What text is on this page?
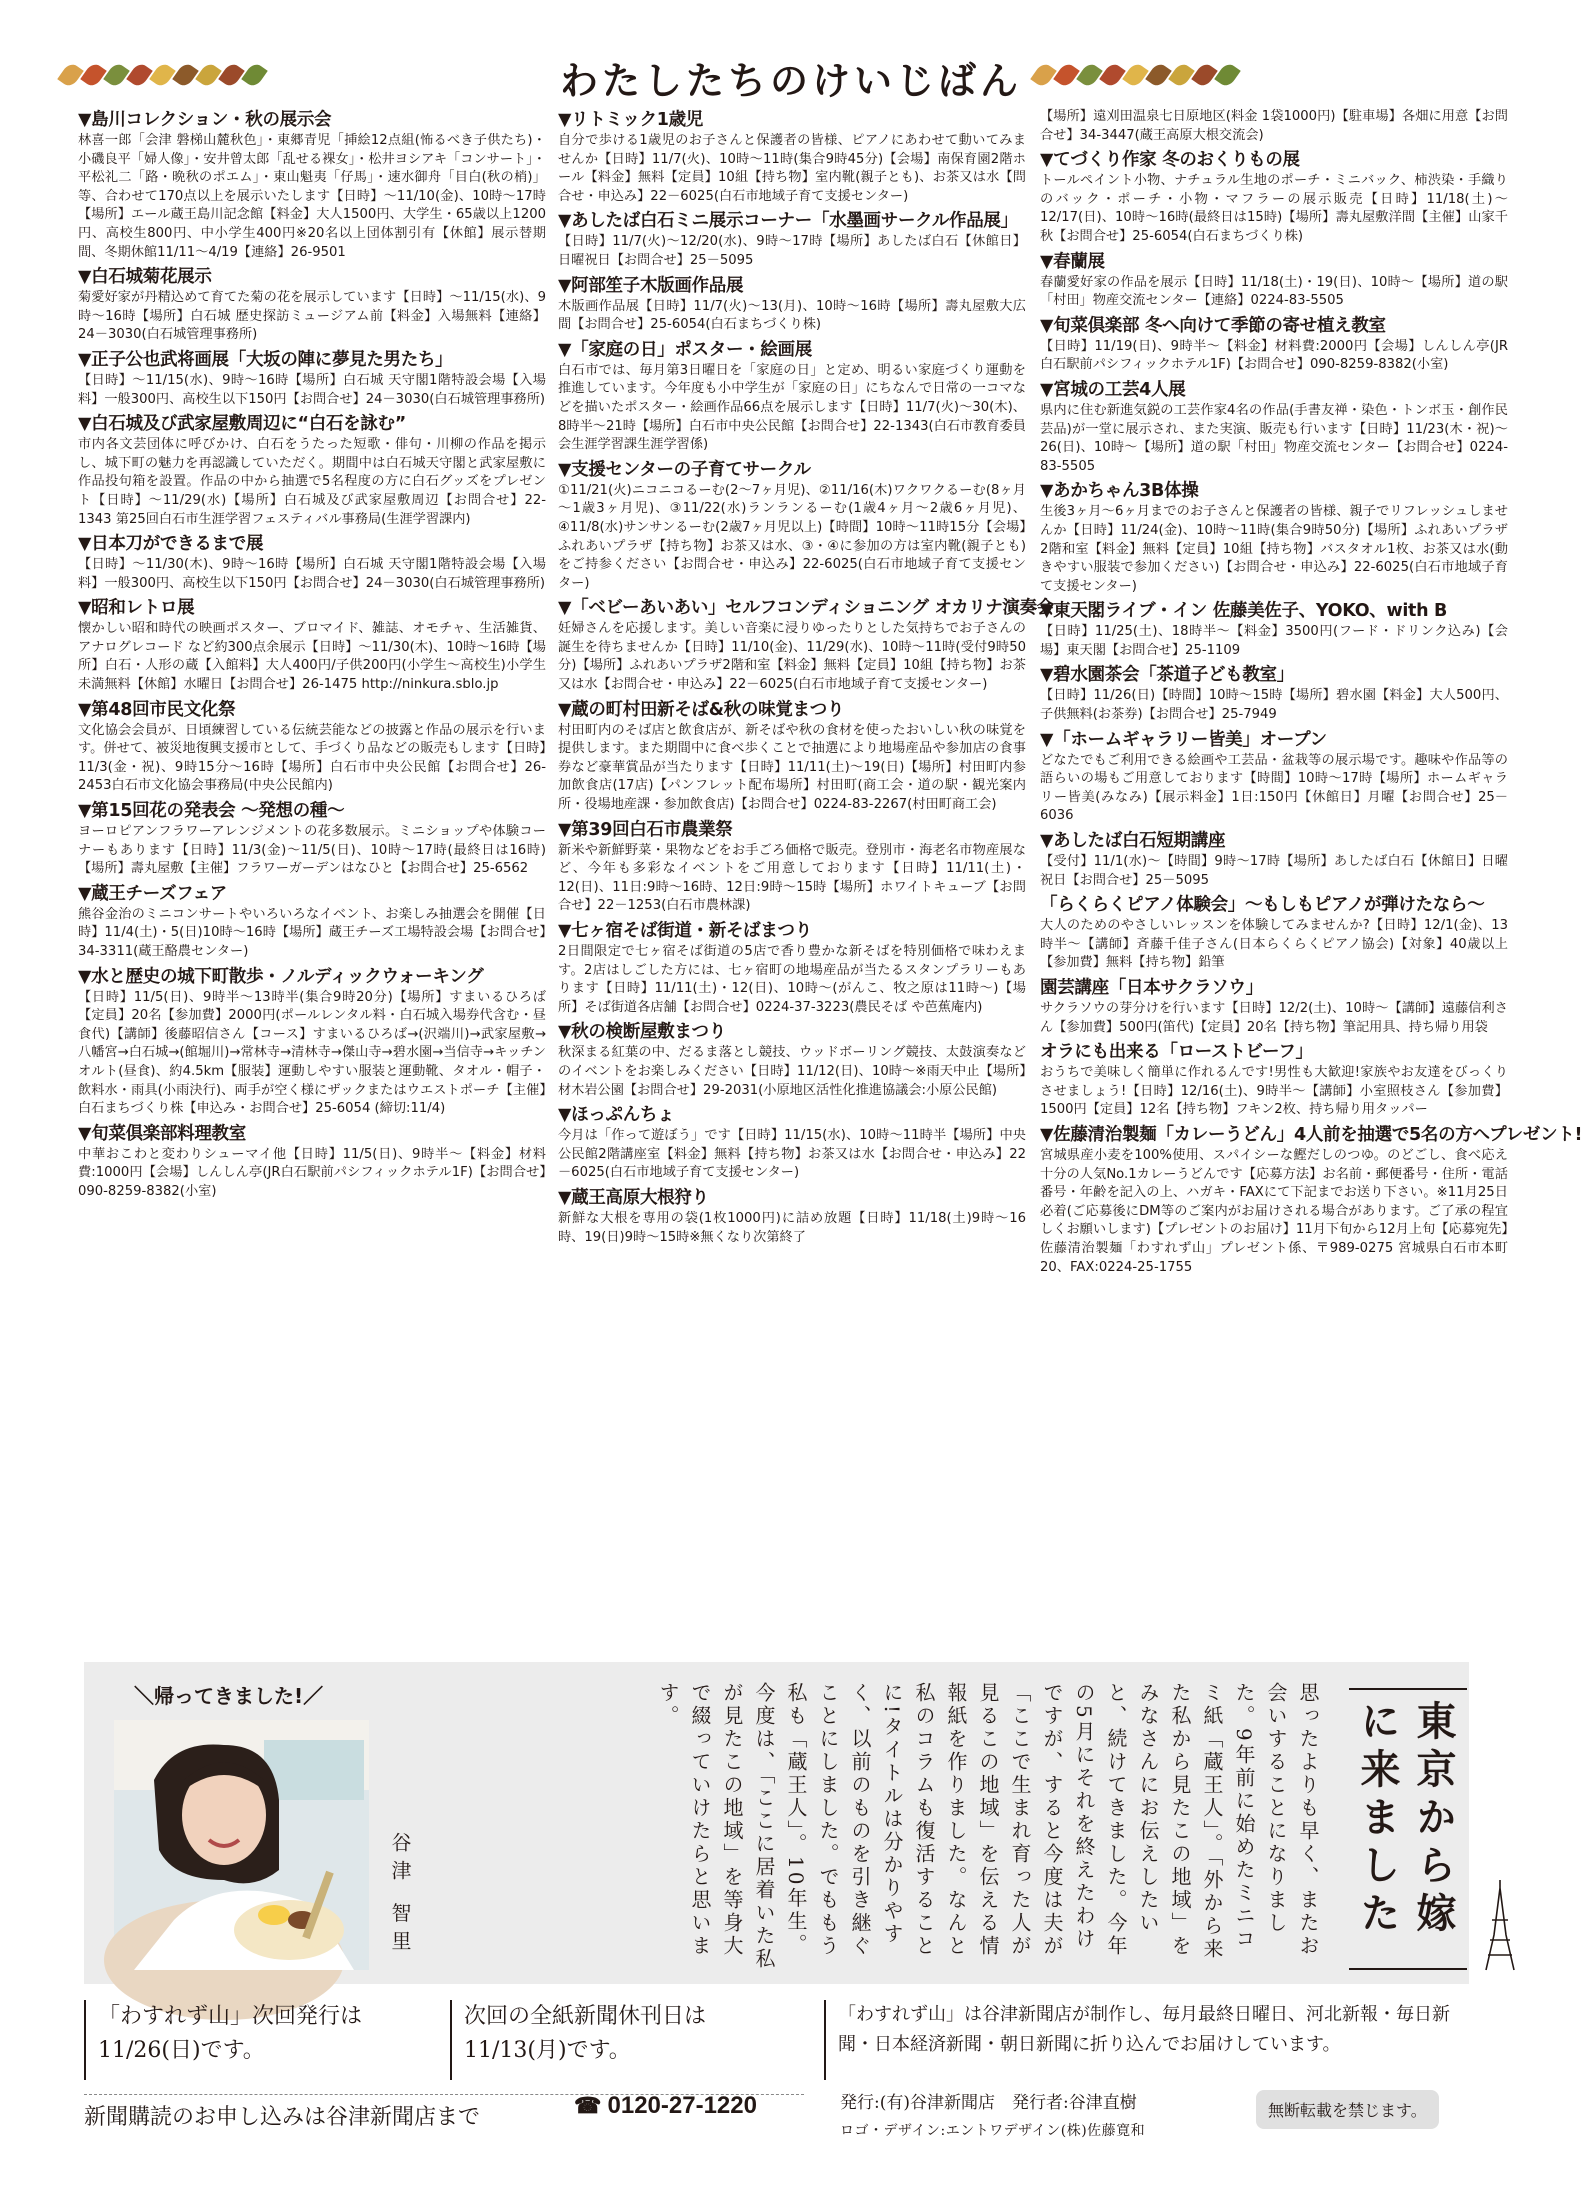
わたしたちのけいじばん
▼島川コレクション・秋の展示会

林喜一郎「会津 磐梯山麓秋色」・東郷青児「挿絵12点組(怖るべき子供たち)・小磯良平「婦人像」・安井曾太郎「乱せる裸女」・松井ヨシアキ「コンサート」・平松礼二「路・晩秋のポエム」・東山魁夷「仔馬」・速水御舟「目白(秋の梢)」等、合わせて170点以上を展示いたします【日時】～11/10(金)、10時～17時【場所】エール蔵王島川記念館【料金】大人1500円、大学生・65歳以上1200円、高校生800円、中小学生400円※20名以上団体割引有【休館】展示替期間、冬期休館11/11～4/19【連絡】26-9501

▼白石城菊花展示

菊愛好家が丹精込めて育てた菊の花を展示しています【日時】～11/15(水)、9時～16時【場所】白石城 歴史探訪ミュージアム前【料金】入場無料【連絡】24－3030(白石城管理事務所)

▼正子公也武将画展「大坂の陣に夢見た男たち」

【日時】～11/15(水)、9時～16時【場所】白石城 天守閣1階特設会場【入場料】一般300円、高校生以下150円【お問合せ】24－3030(白石城管理事務所)

▼白石城及び武家屋敷周辺に“白石を詠む”

市内各文芸団体に呼びかけ、白石をうたった短歌・俳句・川柳の作品を掲示し、城下町の魅力を再認識していただく。期間中は白石城天守閣と武家屋敷に作品投句箱を設置。作品の中から抽選で5名程度の方に白石グッズをプレゼント【日時】～11/29(水)【場所】白石城及び武家屋敷周辺【お問合せ】22-1343 第25回白石市生涯学習フェスティバル事務局(生涯学習課内)

▼日本刀ができるまで展

【日時】～11/30(木)、9時～16時【場所】白石城 天守閣1階特設会場【入場料】一般300円、高校生以下150円【お問合せ】24－3030(白石城管理事務所)

▼昭和レトロ展

懐かしい昭和時代の映画ポスター、ブロマイド、雑誌、オモチャ、生活雑貨、アナログレコード など約300点余展示【日時】～11/30(木)、10時～16時【場所】白石・人形の蔵【入館料】大人400円/子供200円(小学生～高校生)小学生未満無料【休館】水曜日【お問合せ】26-1475 http://ninkura.sblo.jp

▼第48回市民文化祭

文化協会会員が、日頃練習している伝統芸能などの披露と作品の展示を行います。併せて、被災地復興支援市として、手づくり品などの販売もします【日時】11/3(金・祝)、9時15分～16時【場所】白石市中央公民館【お問合せ】26-2453白石市文化協会事務局(中央公民館内)

▼第15回花の発表会 ～発想の種～

ヨーロピアンフラワーアレンジメントの花多数展示。ミニショップや体験コーナーもあります【日時】11/3(金)～11/5(日)、10時～17時(最終日は16時)【場所】壽丸屋敷【主催】フラワーガーデンはなひと【お問合せ】25-6562

▼蔵王チーズフェア

熊谷金治のミニコンサートやいろいろなイベント、お楽しみ抽選会を開催【日時】11/4(土)・5(日)10時～16時【場所】蔵王チーズ工場特設会場【お問合せ】34-3311(蔵王酪農センター)

▼水と歴史の城下町散歩・ノルディックウォーキング

【日時】11/5(日)、9時半～13時半(集合9時20分)【場所】すまいるひろば【定員】20名【参加費】2000円(ポールレンタル料・白石城入場券代含む・昼食代)【講師】後藤昭信さん【コース】すまいるひろば→(沢端川)→武家屋敷→八幡宮→白石城→(館堀川)→常林寺→清林寺→傑山寺→碧水園→当信寺→キッチンオルト(昼食)、約4.5km【服装】運動しやすい服装と運動靴、タオル・帽子・飲料水・雨具(小雨決行)、両手が空く様にザックまたはウエストポーチ【主催】白石まちづくり株【申込み・お問合せ】25-6054 (締切:11/4)

▼旬菜倶楽部料理教室

中華おこわと変わりシューマイ他【日時】11/5(日)、9時半～【料金】材料費:1000円【会場】しんしん亭(JR白石駅前パシフィックホテル1F)【お問合せ】090-8259-8382(小室)

▼リトミック1歳児

自分で歩ける1歳児のお子さんと保護者の皆様、ピアノにあわせて動いてみませんか【日時】11/7(火)、10時～11時(集合9時45分)【会場】南保育園2階ホール【料金】無料【定員】10組【持ち物】室内靴(親子とも)、お茶又は水【問合せ・申込み】22－6025(白石市地域子育て支援センター)

▼あしたば白石ミニ展示コーナー「水墨画サークル作品展」

【日時】11/7(火)～12/20(水)、9時～17時【場所】あしたば白石【休館日】日曜祝日【お問合せ】25－5095

▼阿部笙子木版画作品展

木版画作品展【日時】11/7(火)～13(月)、10時～16時【場所】壽丸屋敷大広間【お問合せ】25-6054(白石まちづくり株)

▼「家庭の日」ポスター・絵画展

白石市では、毎月第3日曜日を「家庭の日」と定め、明るい家庭づくり運動を推進しています。今年度も小中学生が「家庭の日」にちなんで日常の一コマなどを描いたポスター・絵画作品66点を展示します【日時】11/7(火)～30(木)、8時半～21時【場所】白石市中央公民館【お問合せ】22-1343(白石市教育委員会生涯学習課生涯学習係)

▼支援センターの子育てサークル

①11/21(火)ニコニコるーむ(2～7ヶ月児)、②11/16(木)ワクワクるーむ(8ヶ月～1歳3ヶ月児)、③11/22(水)ランランるーむ(1歳4ヶ月～2歳6ヶ月児)、④11/8(水)サンサンるーむ(2歳7ヶ月児以上)【時間】10時～11時15分【会場】ふれあいプラザ【持ち物】お茶又は水、③・④に参加の方は室内靴(親子とも)をご持参ください【お問合せ・申込み】22-6025(白石市地域子育て支援センター)

▼「ベビーあいあい」セルフコンディショニング オカリナ演奏会

妊婦さんを応援します。美しい音楽に浸りゆったりとした気持ちでお子さんの誕生を待ちませんか【日時】11/10(金)、11/29(水)、10時～11時(受付9時50分)【場所】ふれあいプラザ2階和室【料金】無料【定員】10組【持ち物】お茶又は水【お問合せ・申込み】22－6025(白石市地域子育て支援センター)

▼蔵の町村田新そば&秋の味覚まつり

村田町内のそば店と飲食店が、新そばや秋の食材を使ったおいしい秋の味覚を提供します。また期間中に食べ歩くことで抽選により地場産品や参加店の食事券など豪華賞品が当たります【日時】11/11(土)～19(日)【場所】村田町内参加飲食店(17店)【パンフレット配布場所】村田町(商工会・道の駅・観光案内所・役場地産課・参加飲食店)【お問合せ】0224-83-2267(村田町商工会)

▼第39回白石市農業祭

新米や新鮮野菜・果物などをお手ごろ価格で販売。登別市・海老名市物産展など、今年も多彩なイベントをご用意しております【日時】11/11(土)・12(日)、11日:9時～16時、12日:9時～15時【場所】ホワイトキューブ【お問合せ】22－1253(白石市農林課)

▼七ヶ宿そば街道・新そばまつり

2日間限定で七ヶ宿そば街道の5店で香り豊かな新そばを特別価格で味わえます。2店はしごした方には、七ヶ宿町の地場産品が当たるスタンプラリーもあります【日時】11/11(土)・12(日)、10時～(がんこ、牧之原は11時～)【場所】そば街道各店舗【お問合せ】0224-37-3223(農民そば や芭蕉庵内)

▼秋の検断屋敷まつり

秋深まる紅葉の中、だるま落とし競技、ウッドボーリング競技、太鼓演奏などのイベントをお楽しみください【日時】11/12(日)、10時～※雨天中止【場所】材木岩公園【お問合せ】29-2031(小原地区活性化推進協議会:小原公民館)

▼ほっぷんちょ

今月は「作って遊ぼう」です【日時】11/15(水)、10時～11時半【場所】中央公民館2階講座室【料金】無料【持ち物】お茶又は水【お問合せ・申込み】22－6025(白石市地域子育て支援センター)

▼蔵王高原大根狩り

新鮮な大根を専用の袋(1枚1000円)に詰め放題【日時】11/18(土)9時～16時、19(日)9時～15時※無くなり次第終了

【場所】遠刈田温泉七日原地区(料金 1袋1000円)【駐車場】各畑に用意【お問合せ】34-3447(蔵王高原大根交流会)

▼てづくり作家 冬のおくりもの展

トールペイント小物、ナチュラル生地のポーチ・ミニバック、柿渋染・手織りのバック・ポーチ・小物・マフラーの展示販売【日時】11/18(土)～12/17(日)、10時～16時(最終日は15時)【場所】壽丸屋敷洋間【主催】山家千秋【お問合せ】25-6054(白石まちづくり株)

▼春蘭展

春蘭愛好家の作品を展示【日時】11/18(土)・19(日)、10時～【場所】道の駅「村田」物産交流センター【連絡】0224-83-5505

▼旬菜倶楽部 冬へ向けて季節の寄せ植え教室

【日時】11/19(日)、9時半～【料金】材料費:2000円【会場】しんしん亭(JR白石駅前パシフィックホテル1F)【お問合せ】090-8259-8382(小室)

▼宮城の工芸4人展

県内に住む新進気鋭の工芸作家4名の作品(手書友禅・染色・トンボ玉・創作民芸品)が一堂に展示され、また実演、販売も行います【日時】11/23(木・祝)～26(日)、10時～【場所】道の駅「村田」物産交流センター【お問合せ】0224-83-5505

▼あかちゃん3B体操

生後3ヶ月～6ヶ月までのお子さんと保護者の皆様、親子でリフレッシュしませんか【日時】11/24(金)、10時～11時(集合9時50分)【場所】ふれあいプラザ2階和室【料金】無料【定員】10組【持ち物】バスタオル1枚、お茶又は水(動きやすい服装で参加ください)【お問合せ・申込み】22-6025(白石市地域子育て支援センター)

▼東天閣ライブ・イン 佐藤美佐子、YOKO、with B

【日時】11/25(土)、18時半～【料金】3500円(フード・ドリンク込み)【会場】東天閣【お問合せ】25-1109

▼碧水園茶会「茶道子ども教室」

【日時】11/26(日)【時間】10時～15時【場所】碧水園【料金】大人500円、子供無料(お茶券)【お問合せ】25-7949

▼「ホームギャラリー皆美」オープン

どなたでもご利用できる絵画や工芸品・盆栽等の展示場です。趣味や作品等の語らいの場もご用意しております【時間】10時～17時【場所】ホームギャラリー皆美(みなみ)【展示料金】1日:150円【休館日】月曜【お問合せ】25－6036

▼あしたば白石短期講座

【受付】11/1(水)～【時間】9時～17時【場所】あしたば白石【休館日】日曜祝日【お問合せ】25－5095

「らくらくピアノ体験会」～もしもピアノが弾けたなら～

大人のためのやさしいレッスンを体験してみませんか?【日時】12/1(金)、13時半～【講師】斉藤千佳子さん(日本らくらくピアノ協会)【対象】40歳以上【参加費】無料【持ち物】鉛筆

園芸講座「日本サクラソウ」

サクラソウの芽分けを行います【日時】12/2(土)、10時～【講師】遠藤信利さん【参加費】500円(笛代)【定員】20名【持ち物】筆記用具、持ち帰り用袋

オラにも出来る「ローストビーフ」

おうちで美味しく簡単に作れるんです!男性も大歓迎!家族やお友達をびっくりさせましょう!【日時】12/16(土)、9時半～【講師】小室照枝さん【参加費】1500円【定員】12名【持ち物】フキン2枚、持ち帰り用タッパー

▼佐藤清治製麺「カレーうどん」4人前を抽選で5名の方へプレゼント!

宮城県産小麦を100%使用、スパイシーな鰹だしのつゆ。のどごし、食べ応え十分の人気No.1カレーうどんです【応募方法】お名前・郵便番号・住所・電話番号・年齢を記入の上、ハガキ・FAXにて下記までお送り下さい。※11月25日必着(ご応募後にDM等のご案内がお届けされる場合があります。ご了承の程宜しくお願いします)【プレゼントのお届け】11月下旬から12月上旬【応募宛先】佐藤清治製麺「わすれず山」プレゼント係、〒989-0275 宮城県白石市本町20、FAX:0224-25-1755

＼帰ってきました!／
東京から嫁に来ました
思ったよりも早く、またお会いすることになりました。9年前に始めたミニコミ紙「蔵王人」。「外から来た私から見たこの地域」をみなさんにお伝えしたいと、続けてきました。今年の5月にそれを終えたわけですが、すると今度は夫が「ここで生まれ育った人が見るこの地域」を伝える情報紙を作りました。なんと私のコラムも復活することに!タイトルは分かりやすく、以前のものを引き継ぐことにしました。でももう私も「蔵王人」。10年生。今度は、「ここに居着いた私が見たこの地域」を等身大で綴っていけたらと思います。
谷津 智里
「わすれず山」次回発行は11/26(日)です。
次回の全紙新聞休刊日は11/13(月)です。
「わすれず山」は谷津新聞店が制作し、毎月最終日曜日、河北新報・毎日新聞・日本経済新聞・朝日新聞に折り込んでお届けしています。
新聞購読のお申し込みは谷津新聞店まで	☎ 0120-27-1220	発行:(有)谷津新聞店　発行者:谷津直樹
ロゴ・デザイン:エントワデザイン(株)佐藤寛和
無断転載を禁じます。
